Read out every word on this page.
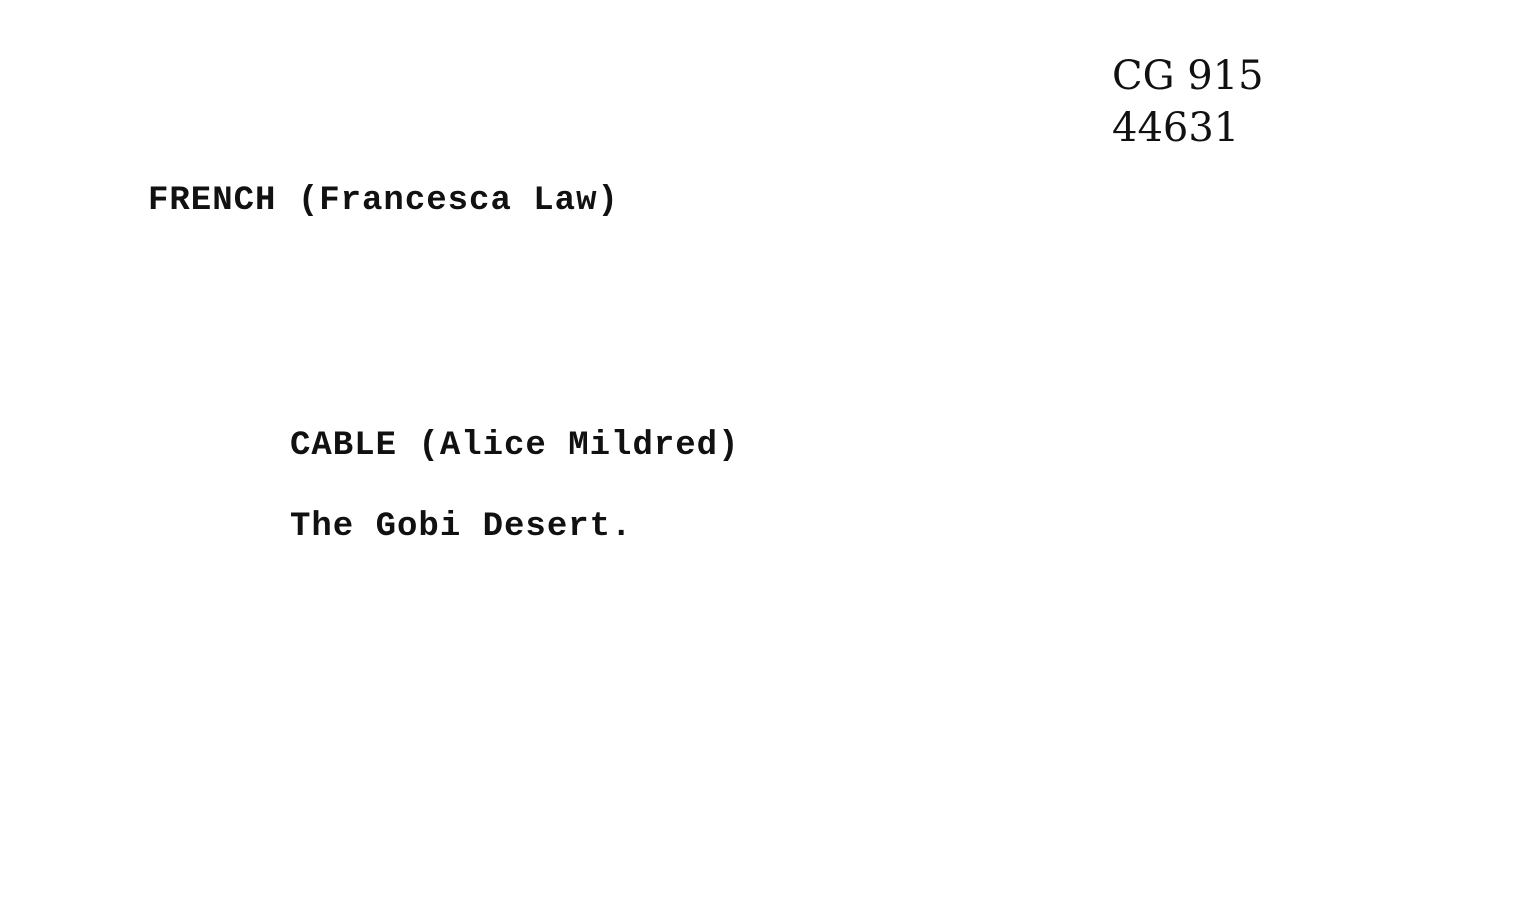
CG 915
44631
FRENCH (Francesca Law)
CABLE (Alice Mildred)
The Gobi Desert.
